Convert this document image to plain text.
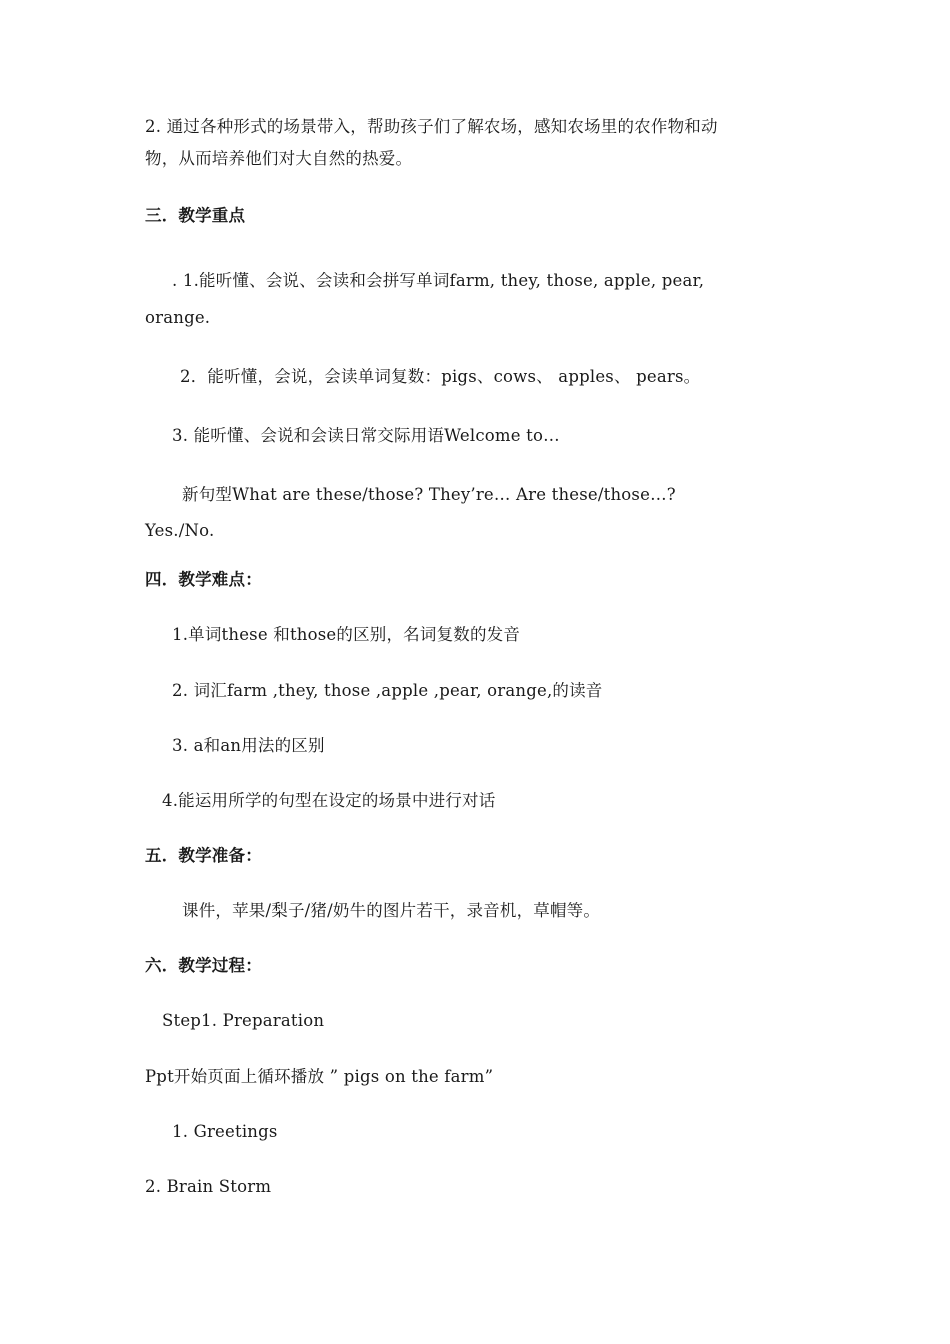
2. 通过各种形式的场景带入，帮助孩子们了解农场，感知农场里的农作物和动
物，从而培养他们对大自然的热爱。
三．教学重点
. 1.能听懂、会说、会读和会拼写单词farm, they, those, apple, pear,
orange.
2．能听懂，会说，会读单词复数：pigs、cows、 apples、 pears。
3. 能听懂、会说和会读日常交际用语Welcome to…
新句型What are these/those? They’re… Are these/those…?
Yes./No.
四．教学难点：
1.单词these 和those的区别，名词复数的发音
2. 词汇farm ,they, those ,apple ,pear, orange,的读音
3. a和an用法的区别
4.能运用所学的句型在设定的场景中进行对话
五．教学准备：
课件，苹果/梨子/猪/奶牛的图片若干，录音机，草帽等。
六．教学过程：
Step1. Preparation
Ppt开始页面上循环播放 ” pigs on the farm”
1. Greetings
2. Brain Storm
